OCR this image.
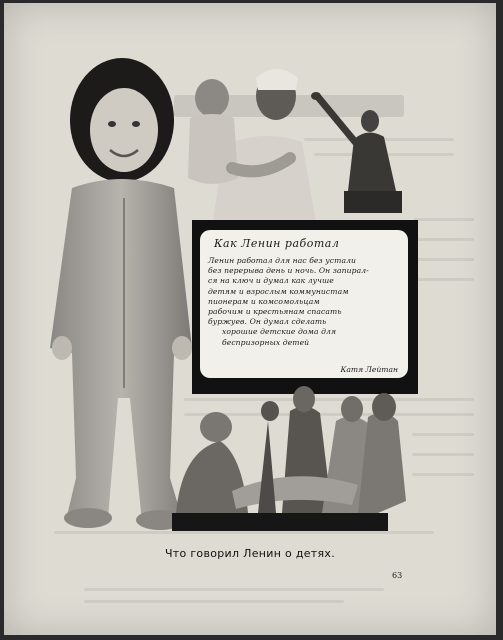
Как Ленин работал
Ленин работал для нас без устали
без перерыва день и ночь. Он запирал-
ся на ключ и думал как лучше
детям и взрослым коммунистам
пионерам и комсомольцам
рабочим и крестьянам спасать
буржуев. Он думал сделать
хорошие детские дома для
беспризорных детей
Катя Лейтан
Что говорил Ленин о детях.
63
